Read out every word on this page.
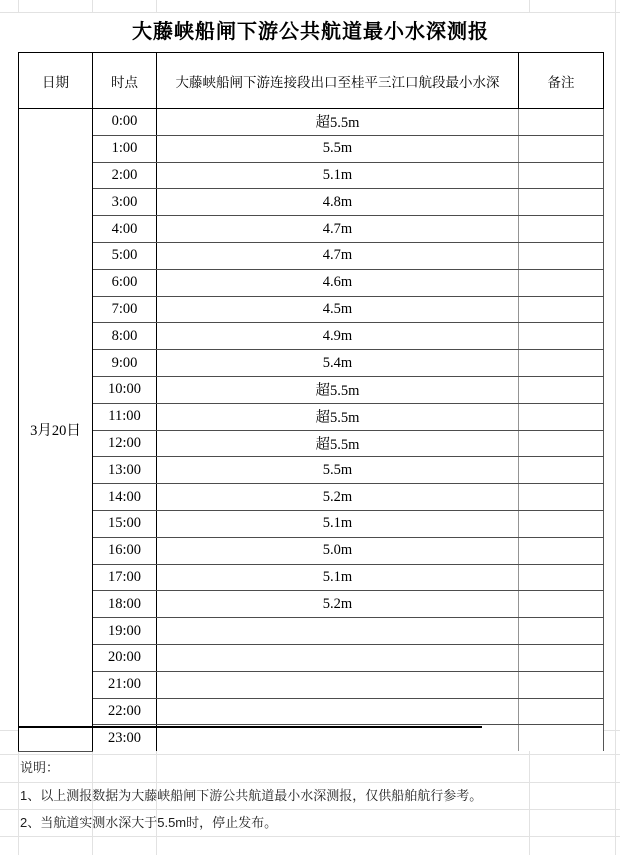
大藤峡船闸下游公共航道最小水深测报
日期	时点	大藤峡船闸下游连接段出口至桂平三江口航段最小水深	备注
3月20日	0:00	超5.5m	
	1:00	5.5m	
	2:00	5.1m	
	3:00	4.8m	
	4:00	4.7m	
	5:00	4.7m	
	6:00	4.6m	
	7:00	4.5m	
	8:00	4.9m	
	9:00	5.4m	
	10:00	超5.5m	
	11:00	超5.5m	
	12:00	超5.5m	
	13:00	5.5m	
	14:00	5.2m	
	15:00	5.1m	
	16:00	5.0m	
	17:00	5.1m	
	18:00	5.2m	
	19:00		
	20:00		
	21:00		
	22:00		
	23:00		
说明：
1、以上测报数据为大藤峡船闸下游公共航道最小水深测报，仅供船舶航行参考。
2、当航道实测水深大于5.5m时，停止发布。
